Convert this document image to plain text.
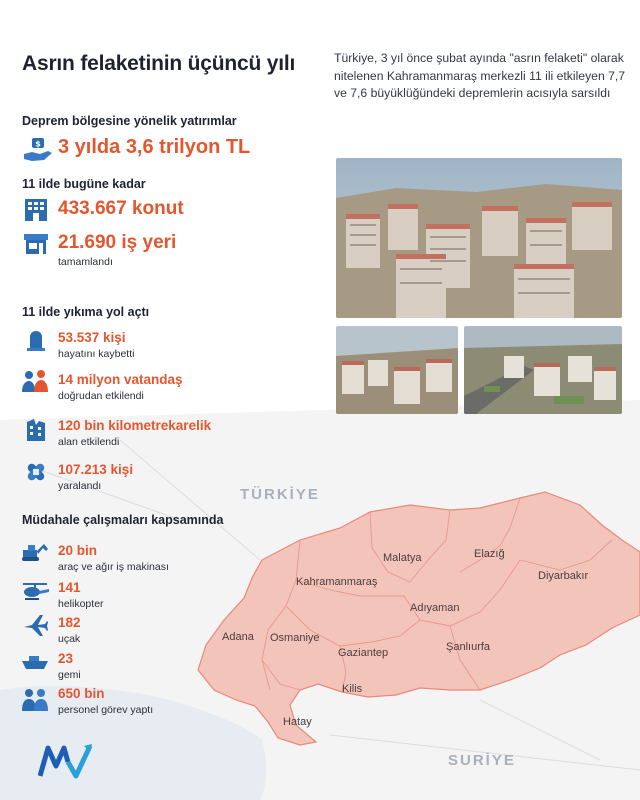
Asrın felaketinin üçüncü yılı	Türkiye, 3 yıl önce şubat ayında "asrın felaketi" olarak nitelenen Kahramanmaraş merkezli 11 ili etkileyen 7,7 ve 7,6 büyüklüğündeki depremlerin acısıyla sarsıldı
Deprem bölgesine yönelik yatırımlar
$ 3 yılda 3,6 trilyon TL
11 ilde bugüne kadar
433.667 konut
21.690 iş yeri
tamamlandı
11 ilde yıkıma yol açtı
53.537 kişi
hayatını kaybetti
14 milyon vatandaş
doğrudan etkilendi
120 bin kilometrekarelik
alan etkilendi
107.213 kişi
yaralandı
Müdahale çalışmaları kapsamında
20 bin
araç ve ağır iş makinası
141
helikopter
182
uçak
23
gemi
650 bin
personel görev yaptı
TÜRKİYE
SURİYE
Malatya	Elazığ
Diyarbakır
Kahramanmaraş
Adıyaman
Adana Osmaniye
Gaziantep	Şanlıurfa
Kilis
Hatay
